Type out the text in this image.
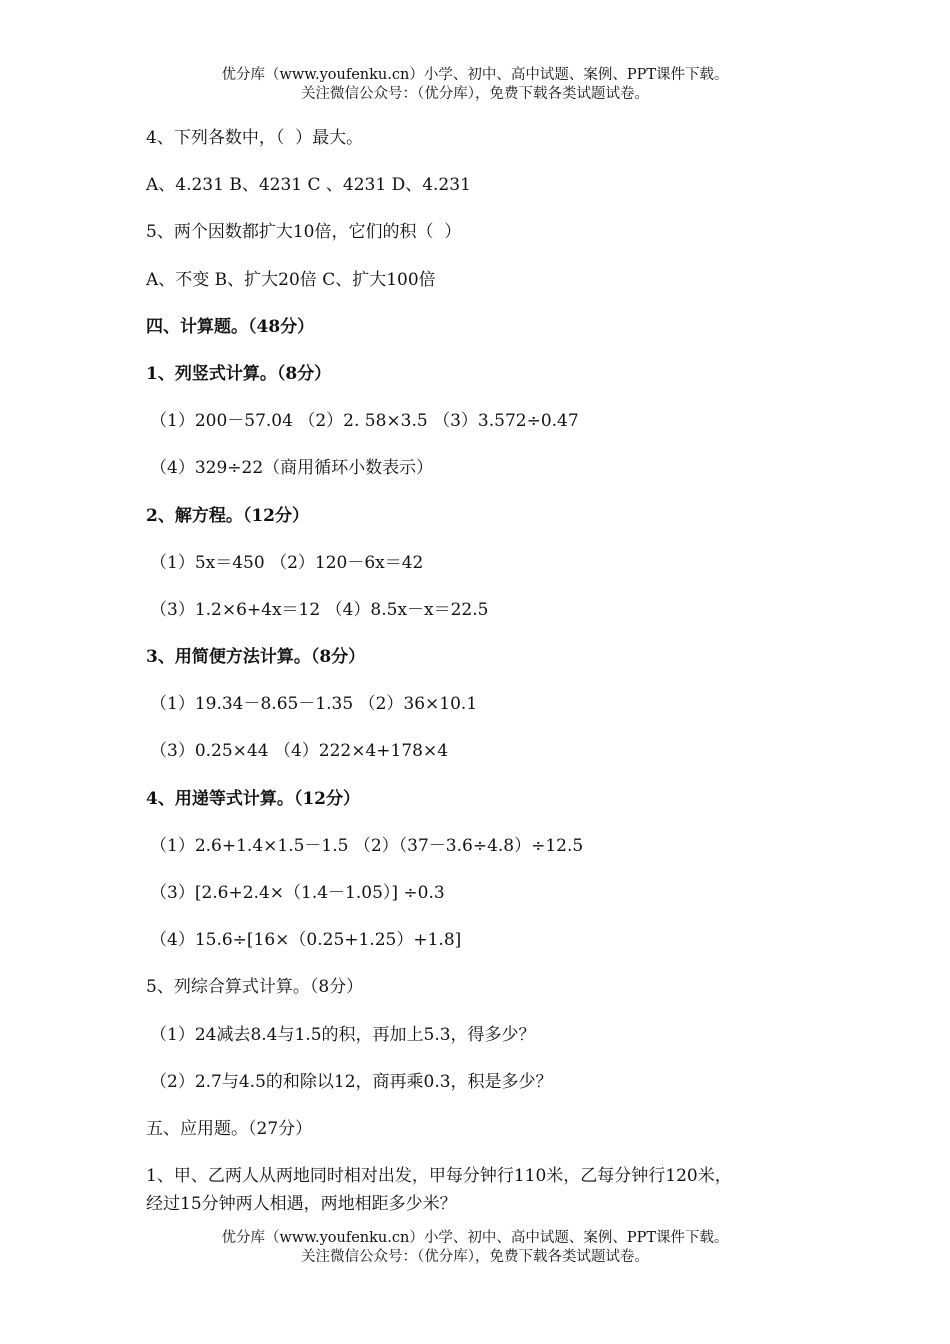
优分库（www.youfenku.cn）小学、初中、高中试题、案例、PPT课件下载。
关注微信公众号：（优分库），免费下载各类试题试卷。
4、下列各数中，（  ）最大。
A、4.231 B、4231 C 、4231 D、4.231
5、两个因数都扩大10倍，它们的积（  ）
A、不变 B、扩大20倍 C、扩大100倍
四、计算题。（48分）
1、列竖式计算。（8分）
（1）200－57.04 （2）2. 58×3.5 （3）3.572÷0.47
（4）329÷22（商用循环小数表示）
2、解方程。（12分）
（1）5x＝450 （2）120－6x＝42
（3）1.2×6+4x＝12 （4）8.5x－x＝22.5
3、用简便方法计算。（8分）
（1）19.34－8.65－1.35 （2）36×10.1
（3）0.25×44 （4）222×4+178×4
4、用递等式计算。（12分）
（1）2.6+1.4×1.5－1.5 （2）（37－3.6÷4.8）÷12.5
（3）[2.6+2.4×（1.4－1.05）] ÷0.3
（4）15.6÷[16×（0.25+1.25）+1.8]
5、列综合算式计算。（8分）
（1）24减去8.4与1.5的积，再加上5.3，得多少？
（2）2.7与4.5的和除以12，商再乘0.3，积是多少？
五、应用题。（27分）
1、甲、乙两人从两地同时相对出发，甲每分钟行110米，乙每分钟行120米，
经过15分钟两人相遇，两地相距多少米？
优分库（www.youfenku.cn）小学、初中、高中试题、案例、PPT课件下载。
关注微信公众号：（优分库），免费下载各类试题试卷。
